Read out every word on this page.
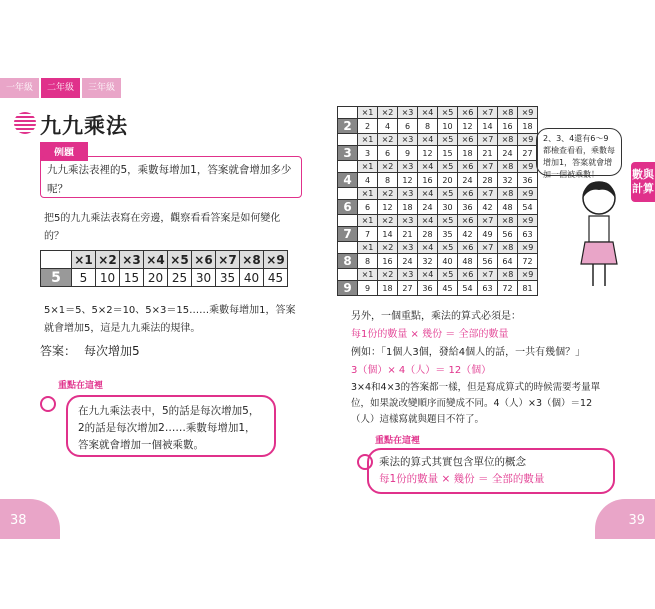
一年級	二年級	三年級
九九乘法
例題
九九乘法表裡的5，乘數每增加1，答案就會增加多少呢？
把5的九九乘法表寫在旁邊，觀察看看答案是如何變化的？
	×1	×2	×3	×4	×5	×6	×7	×8	×9
5	5	10	15	20	25	30	35	40	45
5×1＝5、5×2＝10、5×3＝15……乘數每增加1，答案就會增加5，這是九九乘法的規律。
答案： 每次增加5
重點在這裡
在九九乘法表中，5的話是每次增加5，2的話是每次增加2……乘數每增加1，答案就會增加一個被乘數。
38
	×1	×2	×3	×4	×5	×6	×7	×8	×9
2	2	4	6	8	10	12	14	16	18
	×1	×2	×3	×4	×5	×6	×7	×8	×9
3	3	6	9	12	15	18	21	24	27
	×1	×2	×3	×4	×5	×6	×7	×8	×9
4	4	8	12	16	20	24	28	32	36
	×1	×2	×3	×4	×5	×6	×7	×8	×9
6	6	12	18	24	30	36	42	48	54
	×1	×2	×3	×4	×5	×6	×7	×8	×9
7	7	14	21	28	35	42	49	56	63
	×1	×2	×3	×4	×5	×6	×7	×8	×9
8	8	16	24	32	40	48	56	64	72
	×1	×2	×3	×4	×5	×6	×7	×8	×9
9	9	18	27	36	45	54	63	72	81
2、3、4還有6～9都檢查看看，乘數每增加1，答案就會增加一個被乘數！	數與計算
另外，一個重點，乘法的算式必須是：
每1份的數量 × 幾份 ＝ 全部的數量
例如：「1個人3個，發給4個人的話，一共有幾個？」
3（個）× 4（人）＝ 12（個）
3×4和4×3的答案都一樣，但是寫成算式的時候需要考量單位，如果說改變順序而變成不同。4（人）×3（個）＝12（人）這樣寫就與題目不符了。
重點在這裡
乘法的算式其實包含單位的概念
每1份的數量 × 幾份 ＝ 全部的數量
39
